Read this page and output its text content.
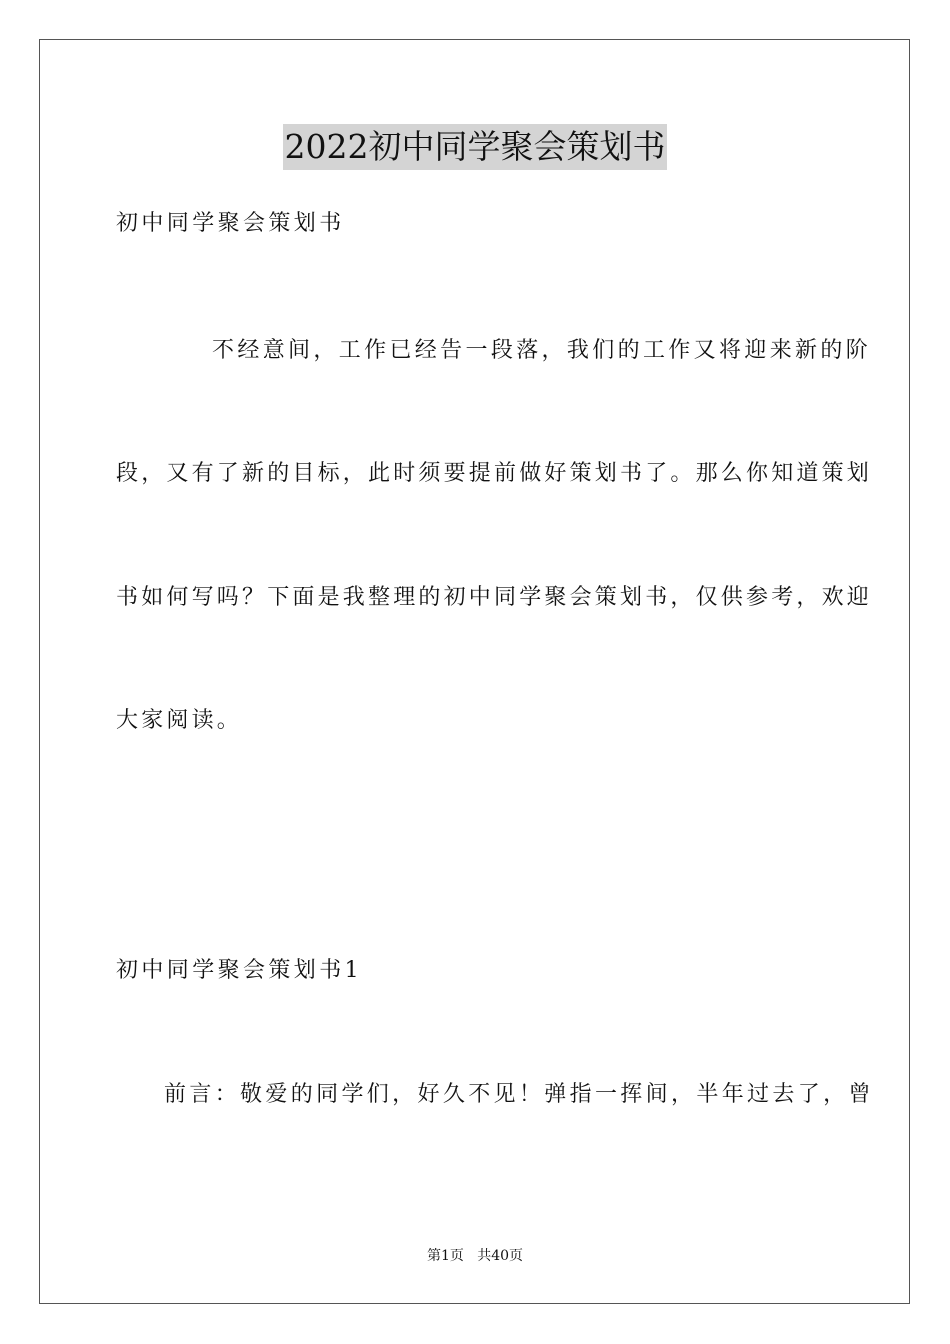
2022初中同学聚会策划书
初中同学聚会策划书
不经意间，工作已经告一段落，我们的工作又将迎来新的阶
段，又有了新的目标，此时须要提前做好策划书了。那么你知道策划
书如何写吗？下面是我整理的初中同学聚会策划书，仅供参考，欢迎
大家阅读。
初中同学聚会策划书1
前言：敬爱的同学们，好久不见！弹指一挥间，半年过去了，曾
第1页   共40页
